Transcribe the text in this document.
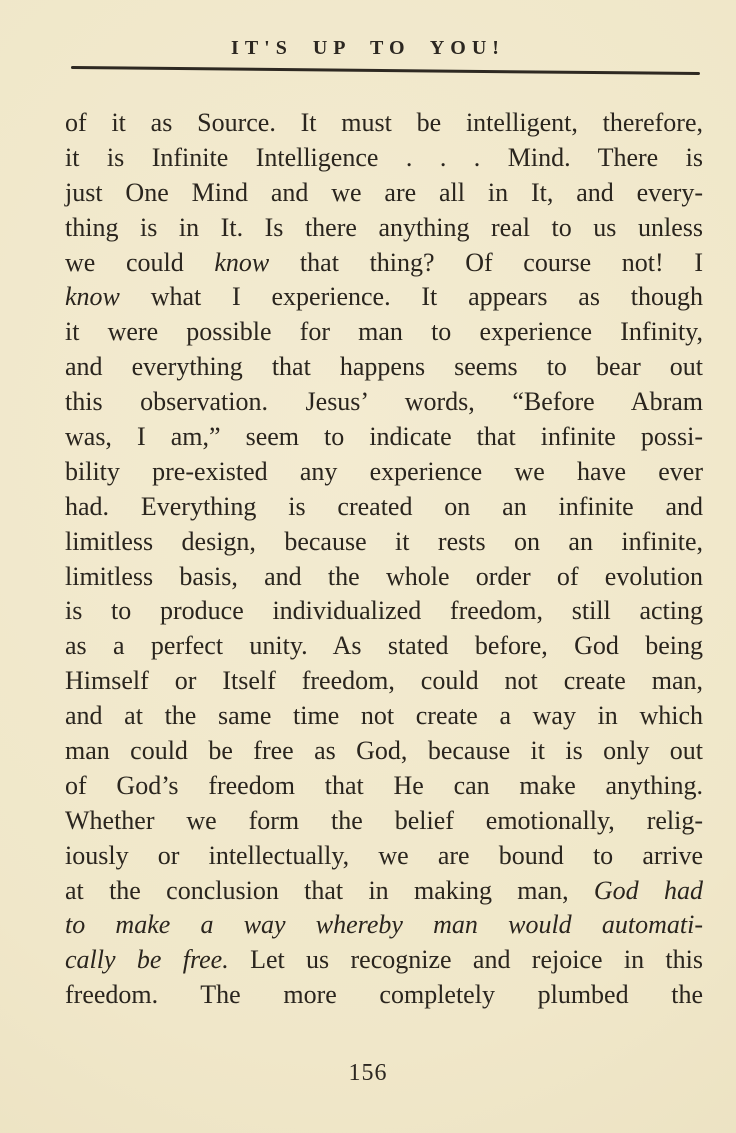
IT'S UP TO YOU!
of it as Source. It must be intelligent, therefore,
it is Infinite Intelligence . . . Mind. There is
just One Mind and we are all in It, and every-
thing is in It. Is there anything real to us unless
we could know that thing? Of course not! I
know what I experience. It appears as though
it were possible for man to experience Infinity,
and everything that happens seems to bear out
this observation. Jesus’ words, “Before Abram
was, I am,” seem to indicate that infinite possi-
bility pre-existed any experience we have ever
had. Everything is created on an infinite and
limitless design, because it rests on an infinite,
limitless basis, and the whole order of evolution
is to produce individualized freedom, still acting
as a perfect unity. As stated before, God being
Himself or Itself freedom, could not create man,
and at the same time not create a way in which
man could be free as God, because it is only out
of God’s freedom that He can make anything.
Whether we form the belief emotionally, relig-
iously or intellectually, we are bound to arrive
at the conclusion that in making man, God had
to make a way whereby man would automati-
cally be free. Let us recognize and rejoice in this
freedom. The more completely plumbed the
156
